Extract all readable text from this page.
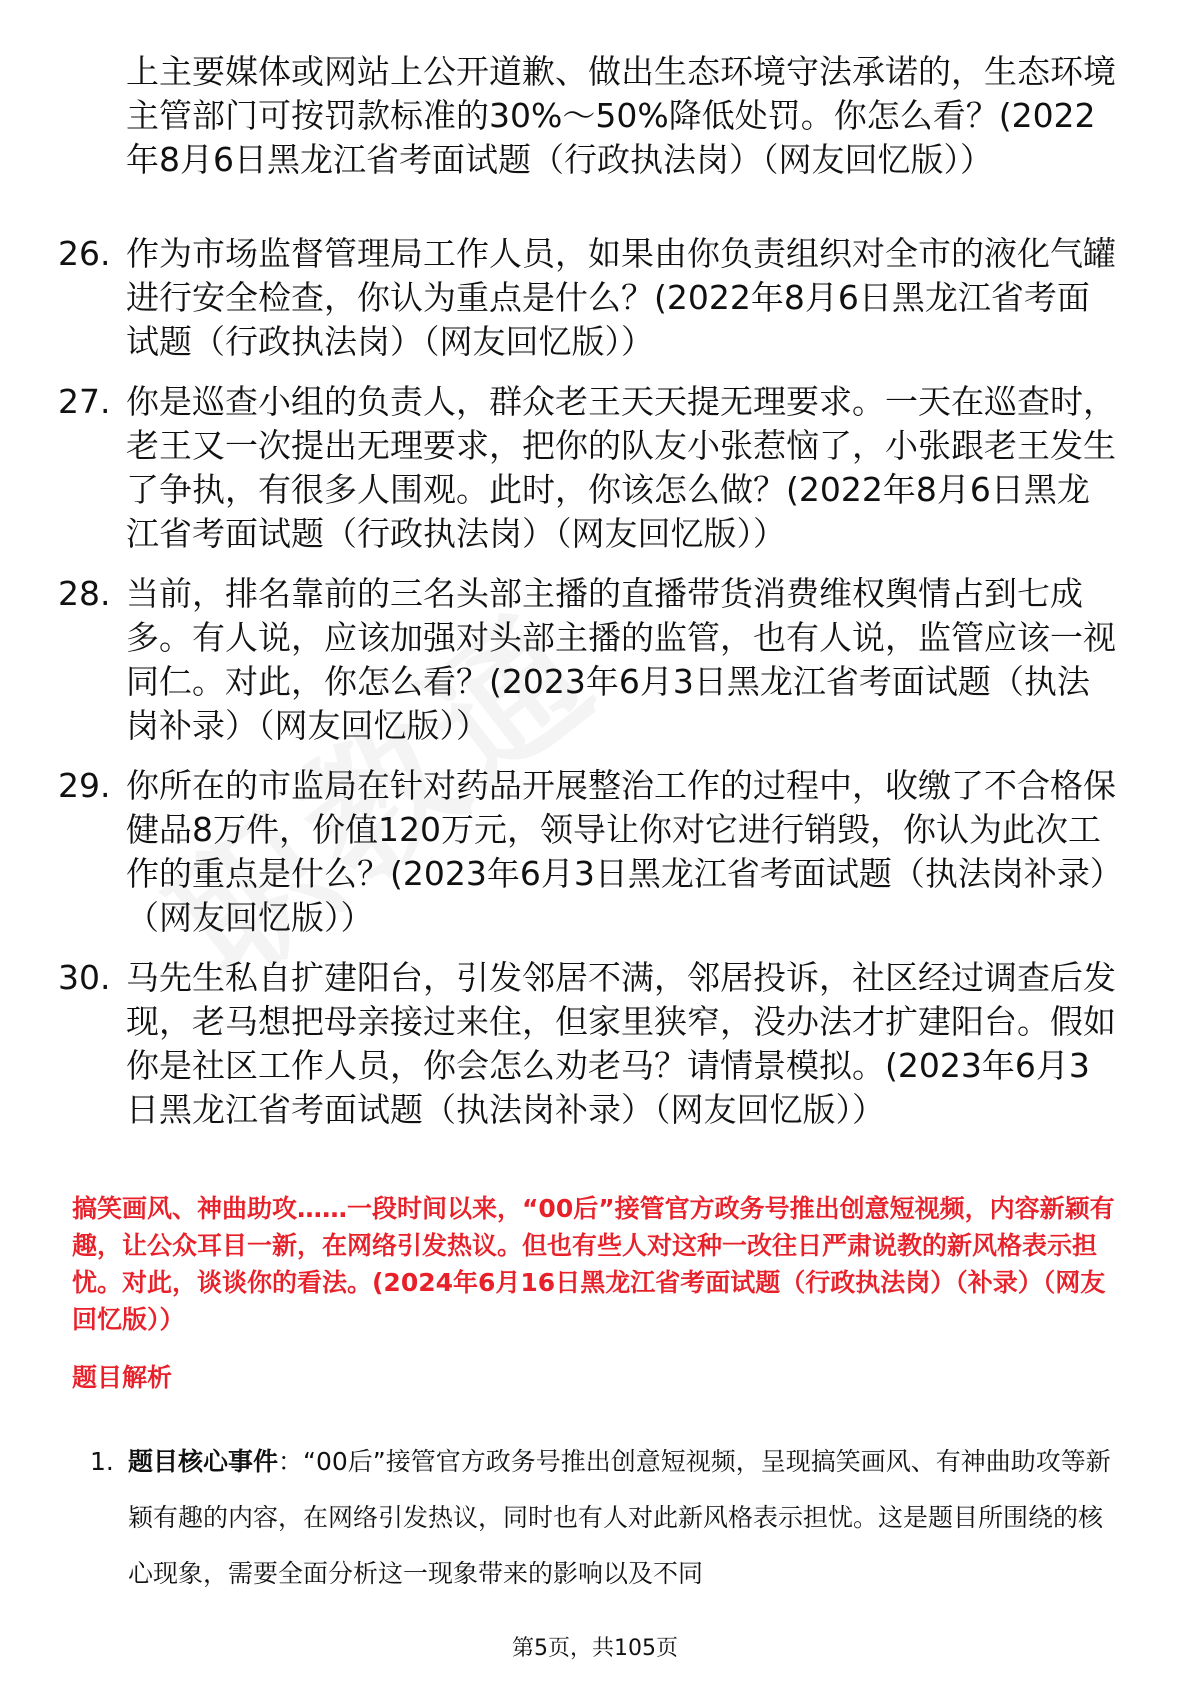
上主要媒体或网站上公开道歉、做出生态环境守法承诺的，生态环境主管部门可按罚款标准的30%～50%降低处罚。你怎么看？(2022年8月6日黑龙江省考面试题（行政执法岗）（网友回忆版））

26. 作为市场监督管理局工作人员，如果由你负责组织对全市的液化气罐进行安全检查，你认为重点是什么？(2022年8月6日黑龙江省考面试题（行政执法岗）（网友回忆版））
27. 你是巡查小组的负责人，群众老王天天提无理要求。一天在巡查时，老王又一次提出无理要求，把你的队友小张惹恼了，小张跟老王发生了争执，有很多人围观。此时，你该怎么做？(2022年8月6日黑龙江省考面试题（行政执法岗）（网友回忆版））
28. 当前，排名靠前的三名头部主播的直播带货消费维权舆情占到七成多。有人说，应该加强对头部主播的监管，也有人说，监管应该一视同仁。对此，你怎么看？(2023年6月3日黑龙江省考面试题（执法岗补录）（网友回忆版））
29. 你所在的市监局在针对药品开展整治工作的过程中，收缴了不合格保健品8万件，价值120万元，领导让你对它进行销毁，你认为此次工作的重点是什么？(2023年6月3日黑龙江省考面试题（执法岗补录）（网友回忆版））
30. 马先生私自扩建阳台，引发邻居不满，邻居投诉，社区经过调查后发现，老马想把母亲接过来住，但家里狭窄，没办法才扩建阳台。假如你是社区工作人员，你会怎么劝老马？请情景模拟。(2023年6月3日黑龙江省考面试题（执法岗补录）（网友回忆版））

搞笑画风、神曲助攻……一段时间以来，“00后”接管官方政务号推出创意短视频，内容新颖有趣，让公众耳目一新，在网络引发热议。但也有些人对这种一改往日严肃说教的新风格表示担忧。对此，谈谈你的看法。(2024年6月16日黑龙江省考面试题（行政执法岗）（补录）（网友回忆版））

题目解析

1. 题目核心事件：“00后”接管官方政务号推出创意短视频，呈现搞笑画风、有神曲助攻等新颖有趣的内容，在网络引发热议，同时也有人对此新风格表示担忧。这是题目所围绕的核心现象，需要全面分析这一现象带来的影响以及不同
第5页，共105页
